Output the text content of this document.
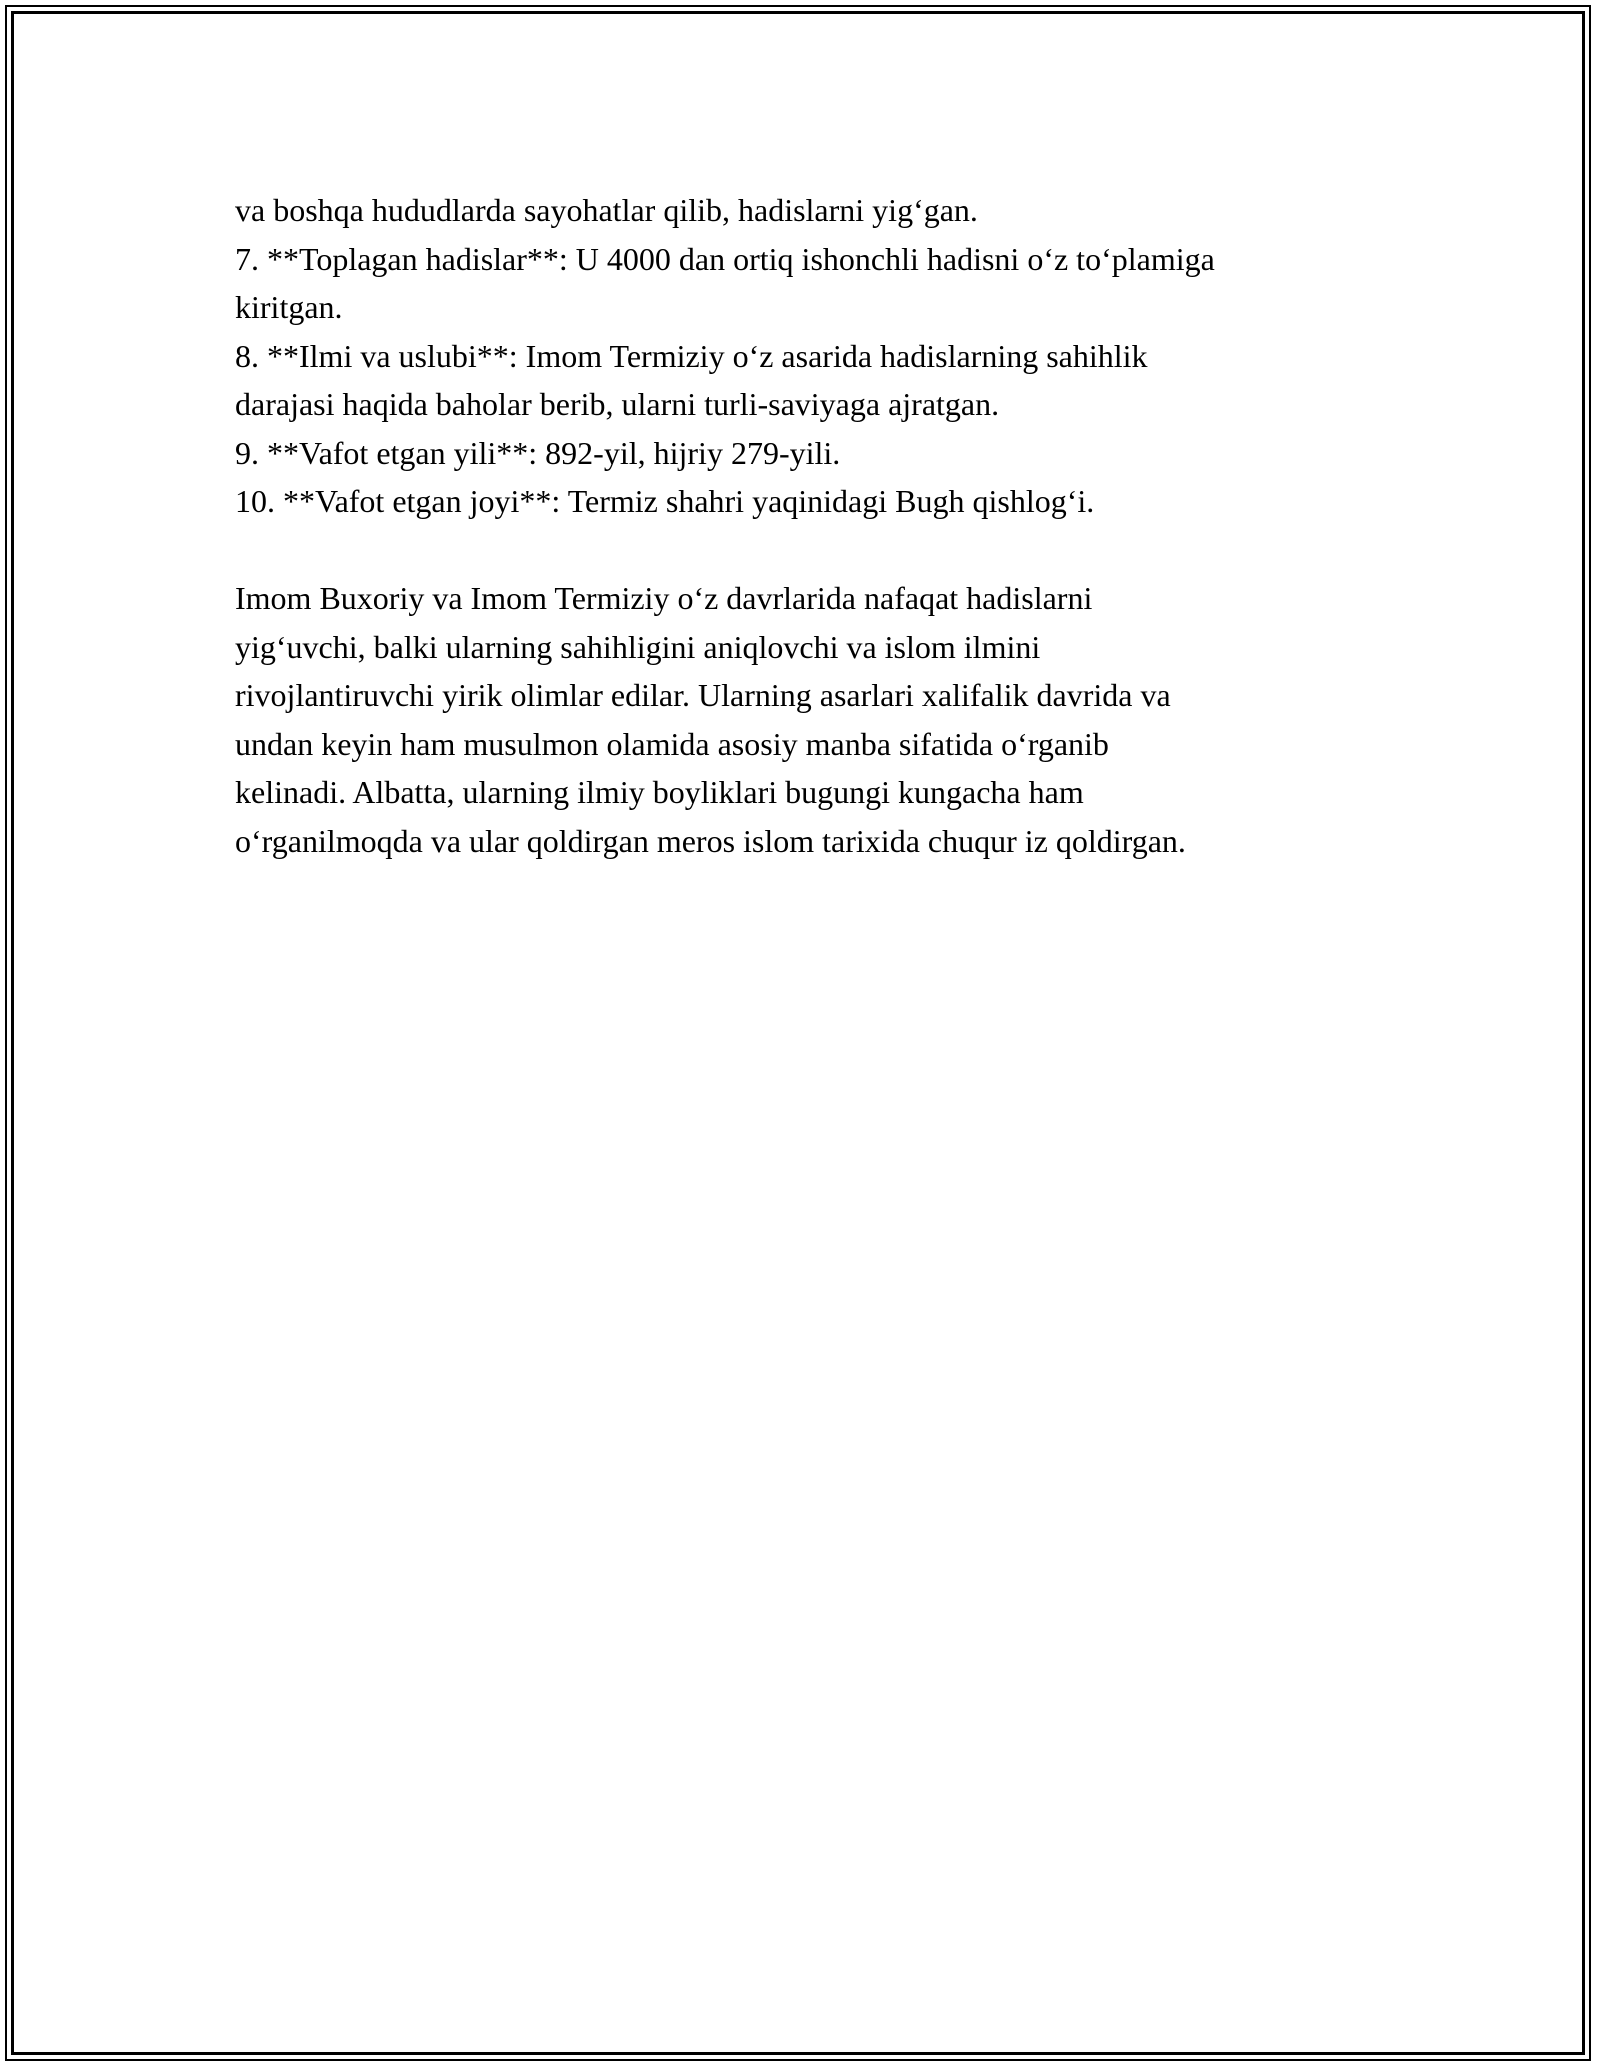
va boshqa hududlarda sayohatlar qilib, hadislarni yig‘gan.
7. **Toplagan hadislar**: U 4000 dan ortiq ishonchli hadisni o‘z to‘plamiga
kiritgan.
8. **Ilmi va uslubi**: Imom Termiziy o‘z asarida hadislarning sahihlik
darajasi haqida baholar berib, ularni turli-saviyaga ajratgan.
9. **Vafot etgan yili**: 892-yil, hijriy 279-yili.
10. **Vafot etgan joyi**: Termiz shahri yaqinidagi Bugh qishlog‘i.
Imom Buxoriy va Imom Termiziy o‘z davrlarida nafaqat hadislarni
yig‘uvchi, balki ularning sahihligini aniqlovchi va islom ilmini
rivojlantiruvchi yirik olimlar edilar. Ularning asarlari xalifalik davrida va
undan keyin ham musulmon olamida asosiy manba sifatida o‘rganib
kelinadi. Albatta, ularning ilmiy boyliklari bugungi kungacha ham
o‘rganilmoqda va ular qoldirgan meros islom tarixida chuqur iz qoldirgan.
